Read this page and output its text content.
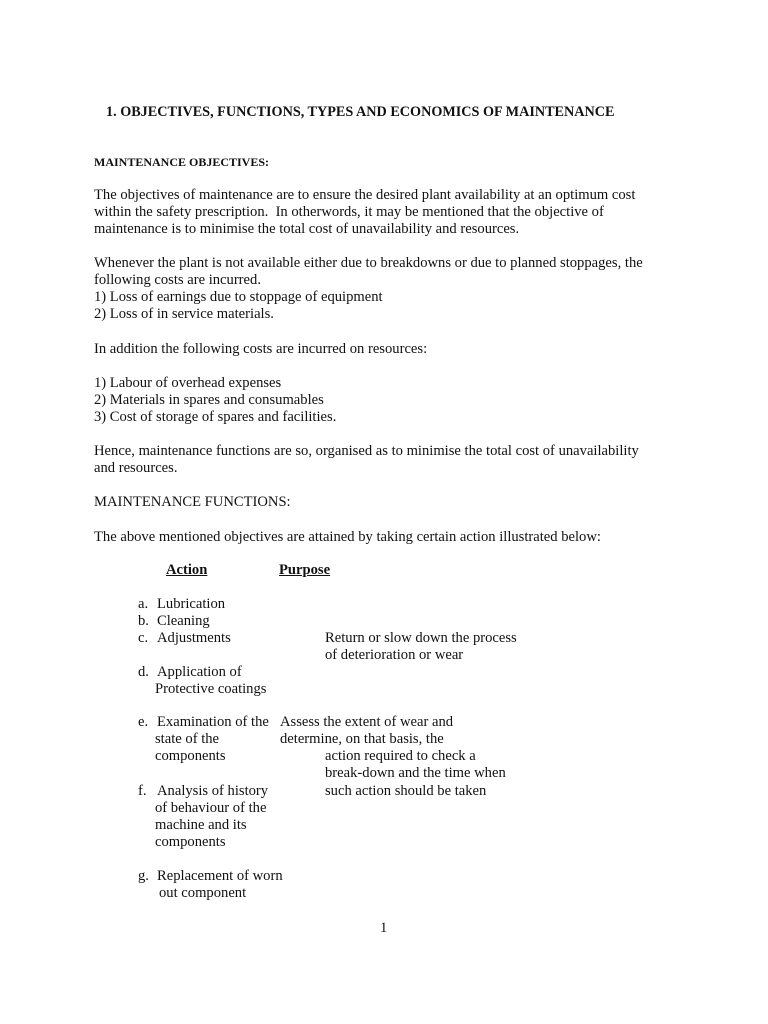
1. OBJECTIVES, FUNCTIONS, TYPES AND ECONOMICS OF MAINTENANCE

MAINTENANCE OBJECTIVES:

The objectives of maintenance are to ensure the desired plant availability at an optimum cost

within the safety prescription.  In otherwords, it may be mentioned that the objective of

maintenance is to minimise the total cost of unavailability and resources.

Whenever the plant is not available either due to breakdowns or due to planned stoppages, the

following costs are incurred.

1) Loss of earnings due to stoppage of equipment

2) Loss of in service materials.

In addition the following costs are incurred on resources:

1) Labour of overhead expenses

2) Materials in spares and consumables

3) Cost of storage of spares and facilities.

Hence, maintenance functions are so, organised as to minimise the total cost of unavailability

and resources.

MAINTENANCE FUNCTIONS:

The above mentioned objectives are attained by taking certain action illustrated below:

Action	Purpose

a. Lubrication

b. Cleaning

c. Adjustments	Return or slow down the process

of deterioration or wear

d. Application of

Protective coatings

e. Examination of the

state of the

components

Assess the extent of wear and

determine, on that basis, the

action required to check a

break-down and the time when

such action should be taken

f. Analysis of history

of behaviour of the

machine and its

components

g. Replacement of worn

out component

1
